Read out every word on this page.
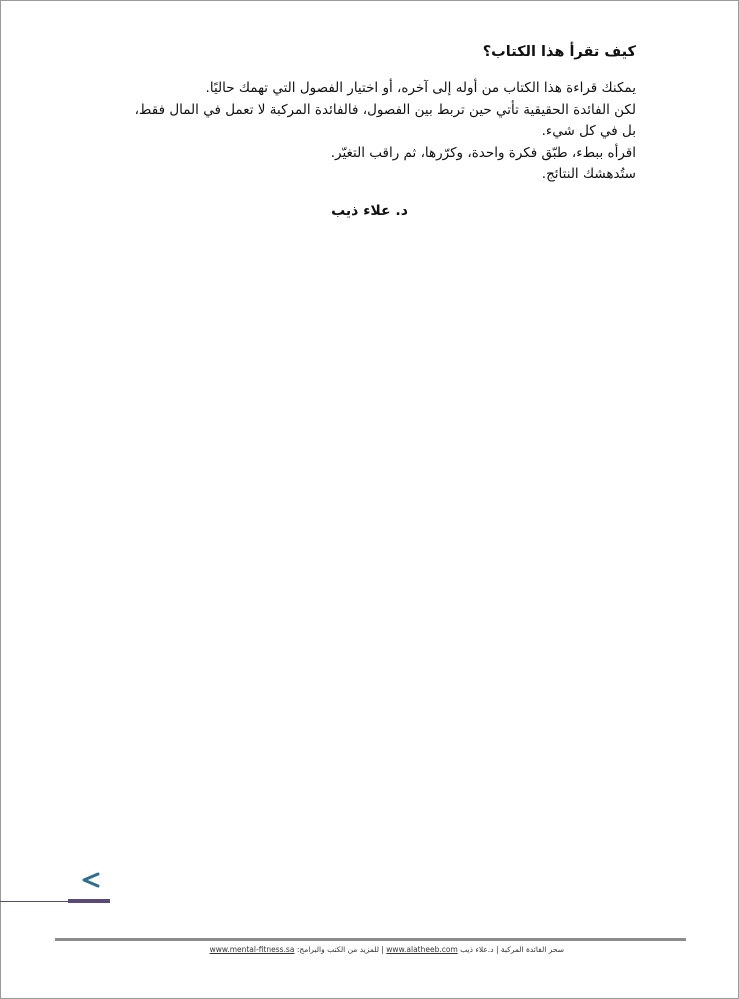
كيف تقرأ هذا الكتاب؟

يمكنك قراءة هذا الكتاب من أوله إلى آخره، أو اختيار الفصول التي تهمك حاليًا.
لكن الفائدة الحقيقية تأتي حين تربط بين الفصول، فالفائدة المركبة لا تعمل في المال فقط،
بل في كل شيء.
اقرأه ببطء، طبّق فكرة واحدة، وكرّرها، ثم راقب التغيّر.
ستُدهشك النتائج.

د. علاء ذيب
سحر الفائدة المركبة | د.علاء ذيب www.alatheeb.com | للمزيد من الكتب والبرامج: www.mental-fitness.sa
